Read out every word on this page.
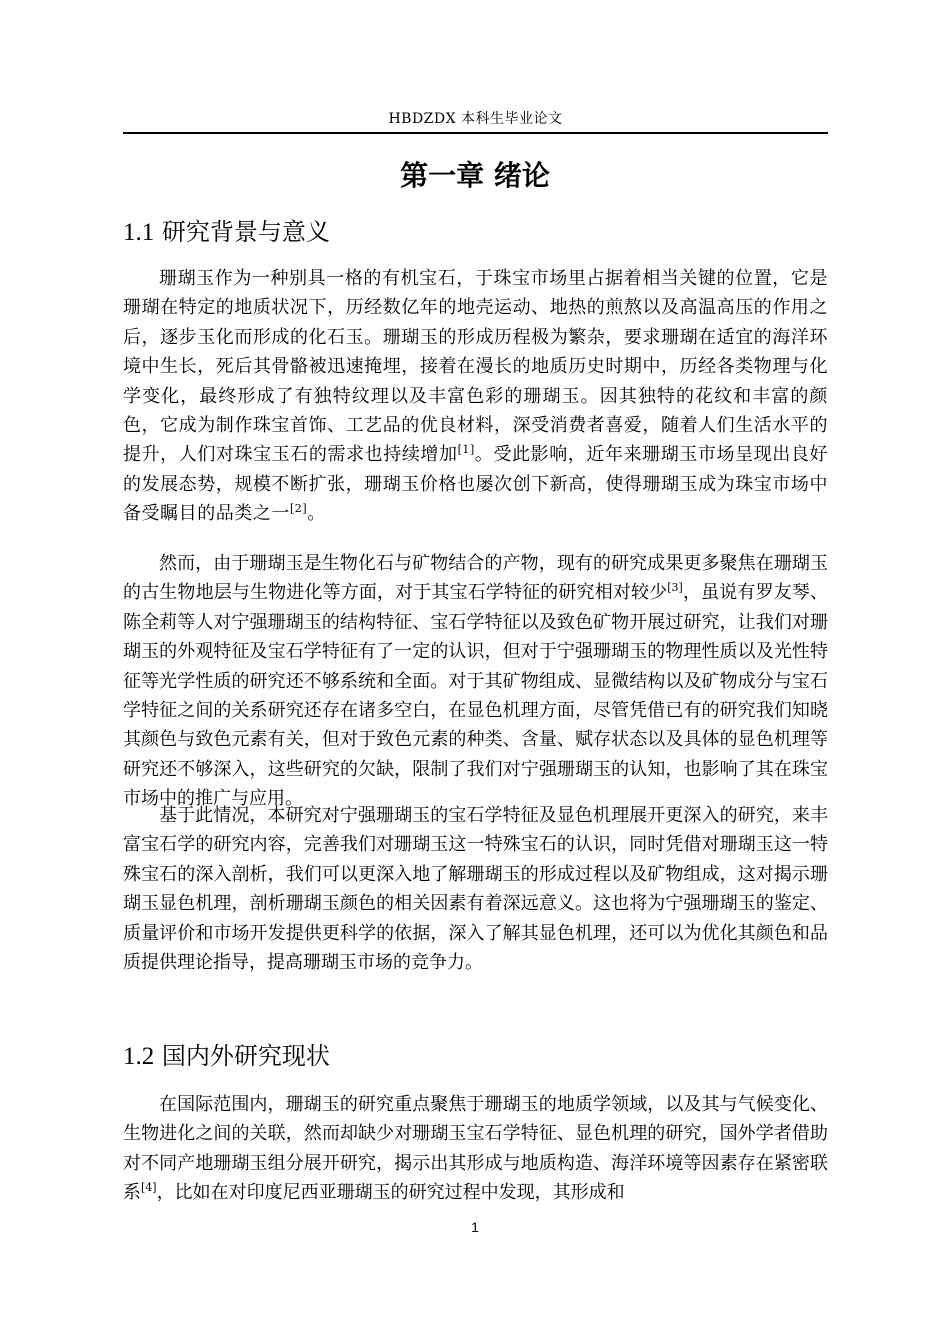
HBDZDX 本科生毕业论文
第一章 绪论
1.1 研究背景与意义

珊瑚玉作为一种别具一格的有机宝石，于珠宝市场里占据着相当关键的位置，它是珊瑚在特定的地质状况下，历经数亿年的地壳运动、地热的煎熬以及高温高压的作用之后，逐步玉化而形成的化石玉。珊瑚玉的形成历程极为繁杂，要求珊瑚在适宜的海洋环境中生长，死后其骨骼被迅速掩埋，接着在漫长的地质历史时期中，历经各类物理与化学变化，最终形成了有独特纹理以及丰富色彩的珊瑚玉。因其独特的花纹和丰富的颜色，它成为制作珠宝首饰、工艺品的优良材料，深受消费者喜爱，随着人们生活水平的提升，人们对珠宝玉石的需求也持续增加[1]。受此影响，近年来珊瑚玉市场呈现出良好的发展态势，规模不断扩张，珊瑚玉价格也屡次创下新高，使得珊瑚玉成为珠宝市场中备受瞩目的品类之一[2]。

然而，由于珊瑚玉是生物化石与矿物结合的产物，现有的研究成果更多聚焦在珊瑚玉的古生物地层与生物进化等方面，对于其宝石学特征的研究相对较少[3]，虽说有罗友琴、陈全莉等人对宁强珊瑚玉的结构特征、宝石学特征以及致色矿物开展过研究，让我们对珊瑚玉的外观特征及宝石学特征有了一定的认识，但对于宁强珊瑚玉的物理性质以及光性特征等光学性质的研究还不够系统和全面。对于其矿物组成、显微结构以及矿物成分与宝石学特征之间的关系研究还存在诸多空白，在显色机理方面，尽管凭借已有的研究我们知晓其颜色与致色元素有关，但对于致色元素的种类、含量、赋存状态以及具体的显色机理等研究还不够深入，这些研究的欠缺，限制了我们对宁强珊瑚玉的认知，也影响了其在珠宝市场中的推广与应用。

基于此情况，本研究对宁强珊瑚玉的宝石学特征及显色机理展开更深入的研究，来丰富宝石学的研究内容，完善我们对珊瑚玉这一特殊宝石的认识，同时凭借对珊瑚玉这一特殊宝石的深入剖析，我们可以更深入地了解珊瑚玉的形成过程以及矿物组成，这对揭示珊瑚玉显色机理，剖析珊瑚玉颜色的相关因素有着深远意义。这也将为宁强珊瑚玉的鉴定、质量评价和市场开发提供更科学的依据，深入了解其显色机理，还可以为优化其颜色和品质提供理论指导，提高珊瑚玉市场的竞争力。

1.2 国内外研究现状

在国际范围内，珊瑚玉的研究重点聚焦于珊瑚玉的地质学领域，以及其与气候变化、生物进化之间的关联，然而却缺少对珊瑚玉宝石学特征、显色机理的研究，国外学者借助对不同产地珊瑚玉组分展开研究，揭示出其形成与地质构造、海洋环境等因素存在紧密联系[4]，比如在对印度尼西亚珊瑚玉的研究过程中发现，其形成和

1
